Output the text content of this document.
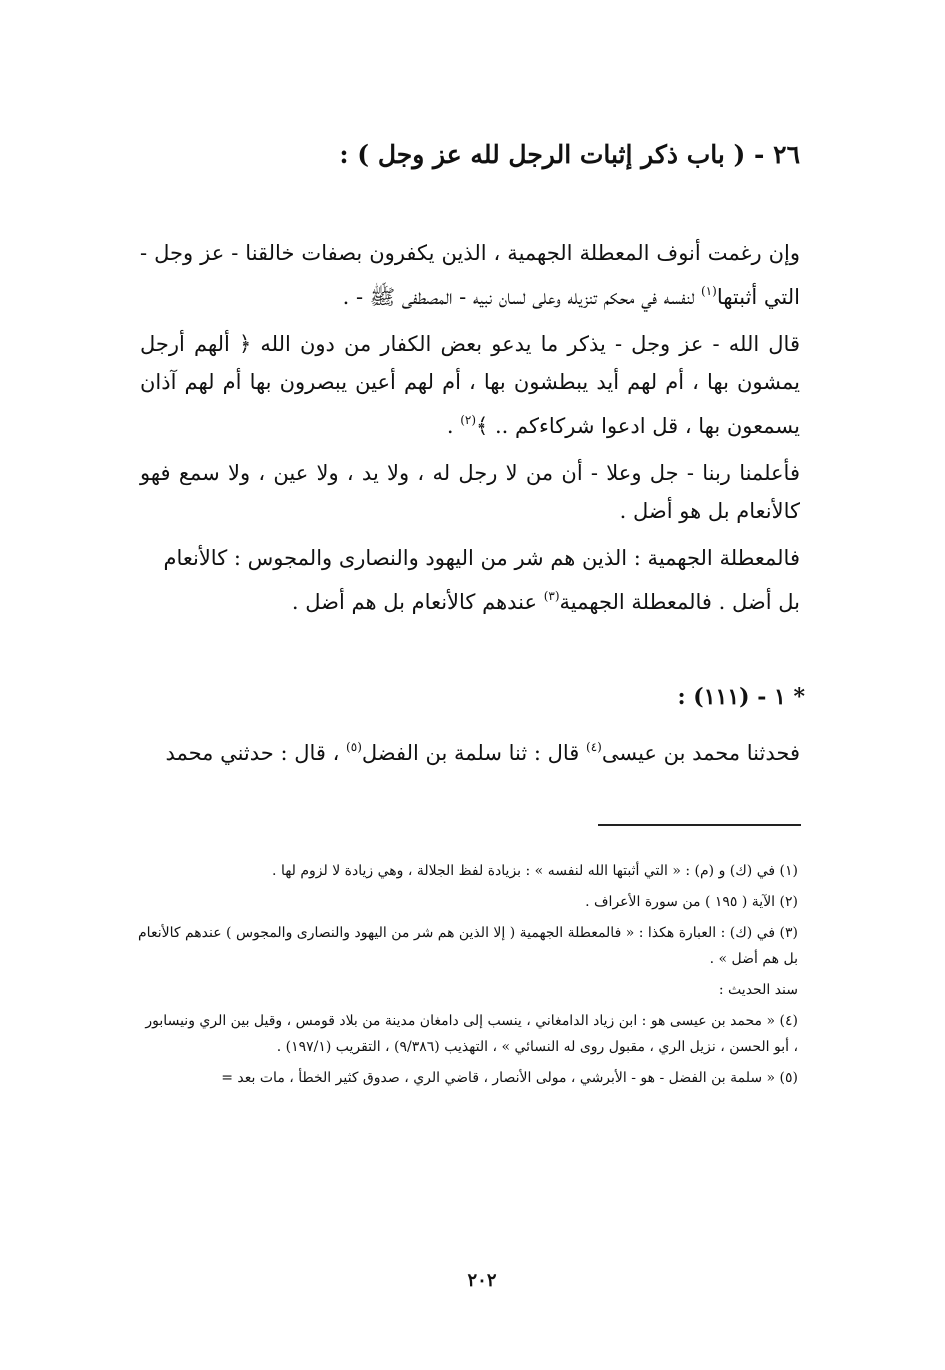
٢٦ - ( باب ذكر إثبات الرجل لله عز وجل ) :

وإن رغمت أنوف المعطلة الجهمية ، الذين يكفرون بصفات خالقنا - عز وجل - التي أثبتها$^{(١)}$ لنفسه في محكم تنزيله وعلى لسان نبيه - المصطفى ﷺ - .

قال الله - عز وجل - يذكر ما يدعو بعض الكفار من دون الله ﴿ ألهم أرجل يمشون بها ، أم لهم أيد يبطشون بها ، أم لهم أعين يبصرون بها أم لهم آذان يسمعون بها ، قل ادعوا شركاءكم .. ﴾$^{(٢)}$ .

فأعلمنا ربنا - جل وعلا - أن من لا رجل له ، ولا يد ، ولا عين ، ولا سمع فهو كالأنعام بل هو أضل .

فالمعطلة الجهمية : الذين هم شر من اليهود والنصارى والمجوس : كالأنعام بل أضل . فالمعطلة الجهمية$^{(٣)}$ عندهم كالأنعام بل هم أضل .

* ١ - (١١١) :
فحدثنا محمد بن عيسى$^{(٤)}$ قال : ثنا سلمة بن الفضل$^{(٥)}$ ، قال : حدثني محمد
(١) في (ك) و (م) : « التي أثبتها الله لنفسه » : بزيادة لفظ الجلالة ، وهي زيادة لا لزوم لها .
(٢) الآية ( ١٩٥ ) من سورة الأعراف .
(٣) في (ك) : العبارة هكذا : « فالمعطلة الجهمية ( إلا الذين هم شر من اليهود والنصارى والمجوس ) عندهم كالأنعام بل هم أضل » .
سند الحديث :
(٤) « محمد بن عيسى هو : ابن زياد الدامغاني ، ينسب إلى دامغان مدينة من بلاد قومس ، وقيل بين الري ونيسابور ، أبو الحسن ، نزيل الري ، مقبول روى له النسائي » ، التهذيب (٩/٣٨٦) ، التقريب (١٩٧/١) .
(٥) « سلمة بن الفضل - هو - الأبرشي ، مولى الأنصار ، قاضي الري ، صدوق كثير الخطأ ، مات بعد =
٢٠٢
